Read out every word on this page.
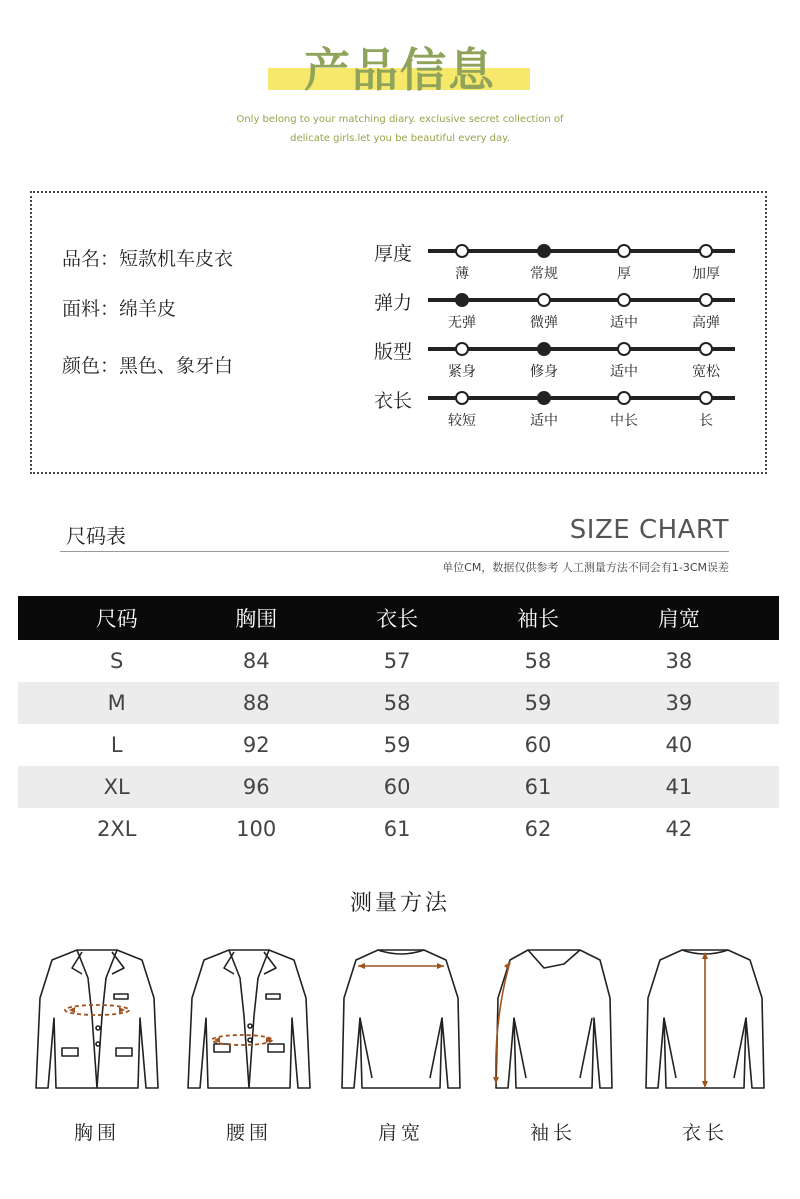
产品信息
Only belong to your matching diary. exclusive secret collection of
delicate girls.let you be beautiful every day.
品名：短款机车皮衣
面料：绵羊皮
颜色：黑色、象牙白
厚度
薄	常规	厚	加厚
弹力
无弹	微弹	适中	高弹
版型
紧身	修身	适中	宽松
衣长
较短	适中	中长	长
尺码表	SIZE CHART
单位CM，数据仅供参考 人工测量方法不同会有1-3CM误差
尺码	胸围	衣长	袖长	肩宽
S	84	57	58	38
M	88	58	59	39
L	92	59	60	40
XL	96	60	61	41
2XL	100	61	62	42
测量方法
胸围	腰围	肩宽	袖长	衣长
